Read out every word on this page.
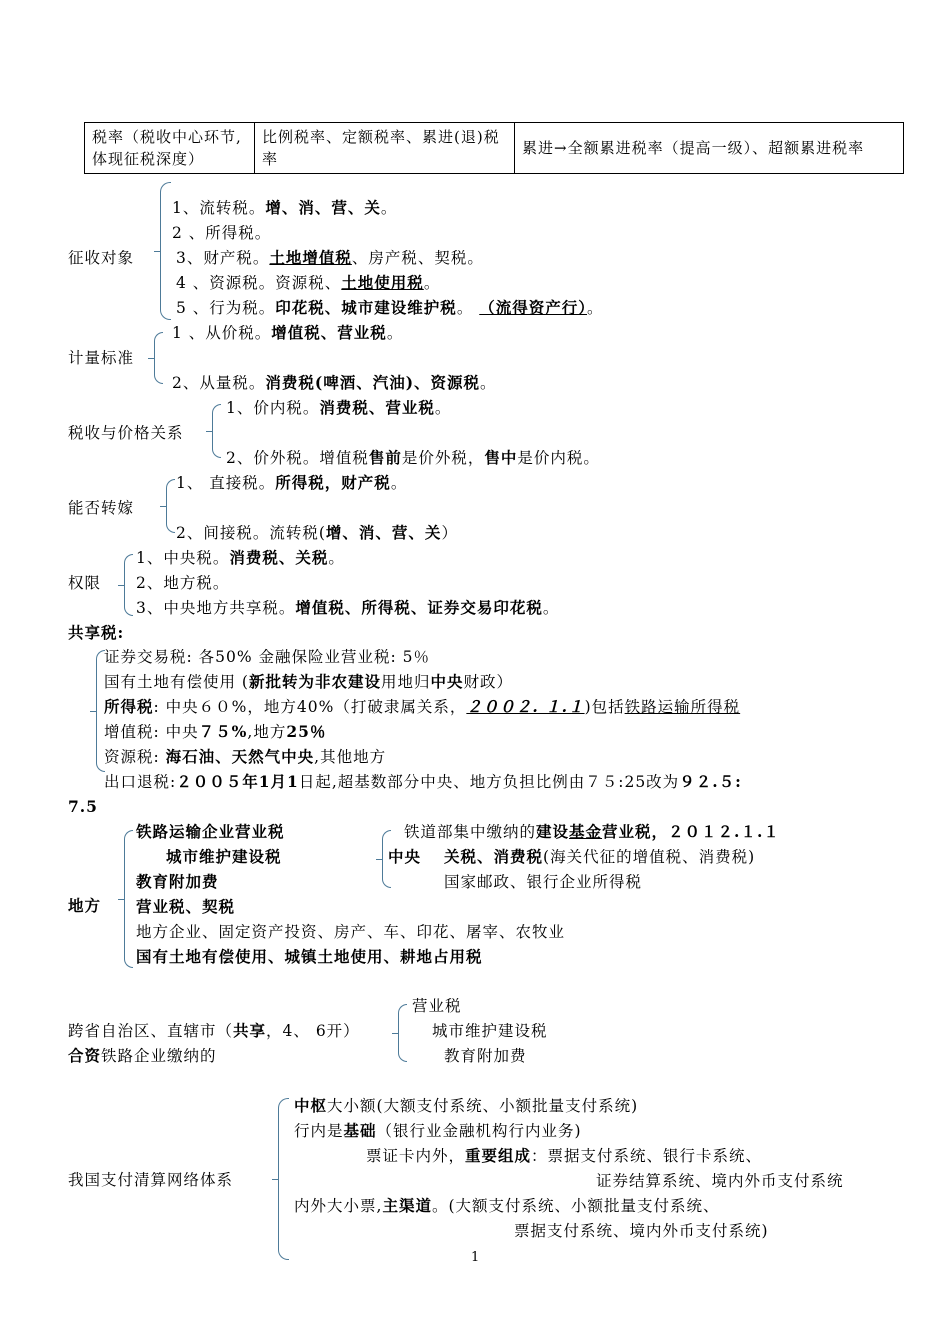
税率（税收中心环节,体现征税深度）	比例税率、定额税率、累进(退)税率	累进→全额累进税率（提高一级）、超额累进税率
征收对象
1、流转税。增、消、营、关。
2 、所得税。
3、财产税。土地增值税、房产税、契税。
4 、资源税。资源税、土地使用税。
5 、行为税。印花税、城市建设维护税。 （流得资产行）。
计量标准
1 、从价税。增值税、营业税。
2、从量税。消费税(啤酒、汽油)、资源税。
税收与价格关系
1、价内税。消费税、营业税。
2、价外税。增值税售前是价外税，售中是价内税。
能否转嫁
1、 直接税。所得税，财产税。
2、间接税。流转税(增、消、营、关）
权限
1、中央税。消费税、关税。
2、地方税。
3、中央地方共享税。增值税、所得税、证券交易印花税。
共享税:
证券交易税: 各50% 金融保险业营业税: 5％
国有土地有偿使用 (新批转为非农建设用地归中央财政）
所得税: 中央６０%，地方40%（打破隶属关系，２００２. １.１)包括铁路运输所得税
增值税: 中央７５%,地方25％
资源税: 海石油、天然气中央,其他地方
出口退税:２００５年1月1日起,超基数部分中央、地方负担比例由７５:25改为９２.５:
7.5
地方
铁路运输企业营业税
城市维护建设税
教育附加费
营业税、契税
地方企业、固定资产投资、房产、车、印花、屠宰、农牧业
国有土地有偿使用、城镇土地使用、耕地占用税
中央
铁道部集中缴纳的建设基金营业税，２０１２.１.１
关税、消费税(海关代征的增值税、消费税)
国家邮政、银行企业所得税
跨省自治区、直辖市（共享，4、 6开）
合资铁路企业缴纳的
营业税
城市维护建设税
教育附加费
我国支付清算网络体系
中枢大小额(大额支付系统、小额批量支付系统)
行内是基础（银行业金融机构行内业务)
票证卡内外，重要组成：票据支付系统、银行卡系统、
证券结算系统、境内外币支付系统
内外大小票,主渠道。(大额支付系统、小额批量支付系统、
票据支付系统、境内外币支付系统)
1
